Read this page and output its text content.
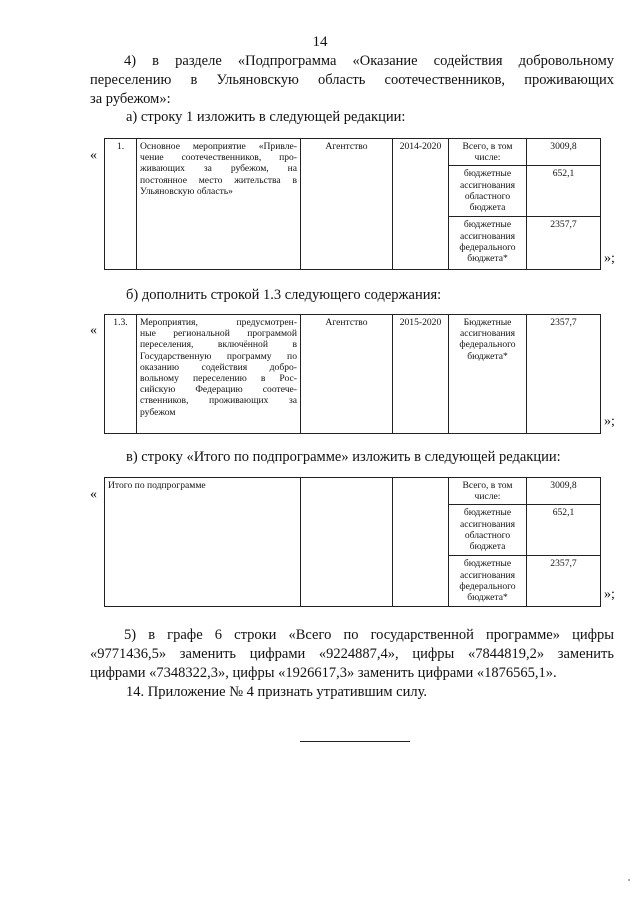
14
4) в разделе «Подпрограмма «Оказание содействия добровольному
переселению в Ульяновскую область соотечественников, проживающих
за рубежом»:
а) строку 1 изложить в следующей редакции:
«
1.	Основное мероприятие «Привле-
чение соотечественников, про-
живающих за рубежом, на
постоянное место жительства в
Ульяновскую область»	Агентство	2014-2020	Всего, в том числе:	3009,8
				бюджетные ассигнования областного бюджета	652,1
				бюджетные ассигнования федерального бюджета*	2357,7
»;
б) дополнить строкой 1.3 следующего содержания:
«
1.3.	Мероприятия, предусмотрен-
ные региональной программой
переселения, включённой в
Государственную программу по
оказанию содействия добро-
вольному переселению в Рос-
сийскую Федерацию соотече-
ственников, проживающих за
рубежом
	Агентство	2015-2020	Бюджетные ассигнования федерального бюджета*	2357,7
»;
в) строку «Итого по подпрограмме» изложить в следующей редакции:
«
Итого по подпрограмме			Всего, в том числе:	3009,8
			бюджетные ассигнования областного бюджета	652,1
			бюджетные ассигнования федерального бюджета*	2357,7
»;
5) в графе 6 строки «Всего по государственной программе» цифры
«9771436,5» заменить цифрами «9224887,4», цифры «7844819,2» заменить
цифрами «7348322,3», цифры «1926617,3» заменить цифрами «1876565,1».
14. Приложение № 4 признать утратившим силу.
